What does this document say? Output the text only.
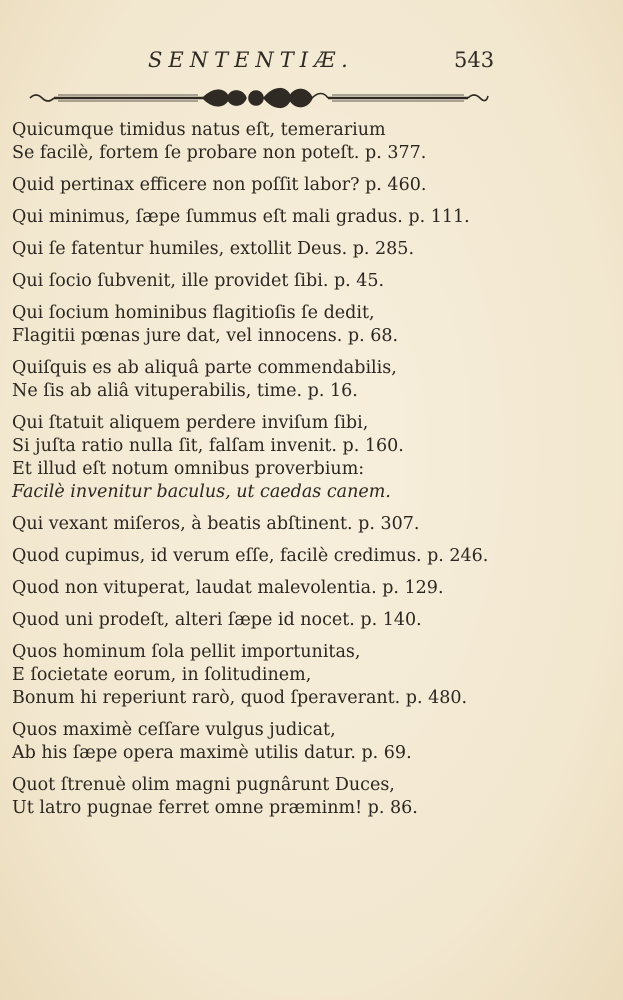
SENTENTIÆ.	543
Quicumque timidus natus eſt, temerarium
Se facilè, fortem ſe probare non poteſt. p. 377.
Quid pertinax efficere non poſſit labor? p. 460.
Qui minimus, ſæpe ſummus eſt mali gradus. p. 111.
Qui ſe fatentur humiles, extollit Deus. p. 285.
Qui ſocio ſubvenit, ille providet ſibi. p. 45.
Qui ſocium hominibus flagitioſis ſe dedit,
Flagitii pœnas jure dat, vel innocens. p. 68.
Quiſquis es ab aliquâ parte commendabilis,
Ne ſis ab aliâ vituperabilis, time. p. 16.
Qui ſtatuit aliquem perdere inviſum ſibi,
Si juſta ratio nulla ſit, falſam invenit. p. 160.
Et illud eſt notum omnibus proverbium:
Facilè invenitur baculus, ut caedas canem.
Qui vexant miſeros, à beatis abſtinent. p. 307.
Quod cupimus, id verum eſſe, facilè credimus. p. 246.
Quod non vituperat, laudat malevolentia. p. 129.
Quod uni prodeſt, alteri ſæpe id nocet. p. 140.
Quos hominum ſola pellit importunitas,
E ſocietate eorum, in ſolitudinem,
Bonum hi reperiunt rarò, quod ſperaverant. p. 480.
Quos maximè ceſſare vulgus judicat,
Ab his ſæpe opera maximè utilis datur. p. 69.
Quot ſtrenuè olim magni pugnârunt Duces,
Ut latro pugnae ferret omne præminm! p. 86.
